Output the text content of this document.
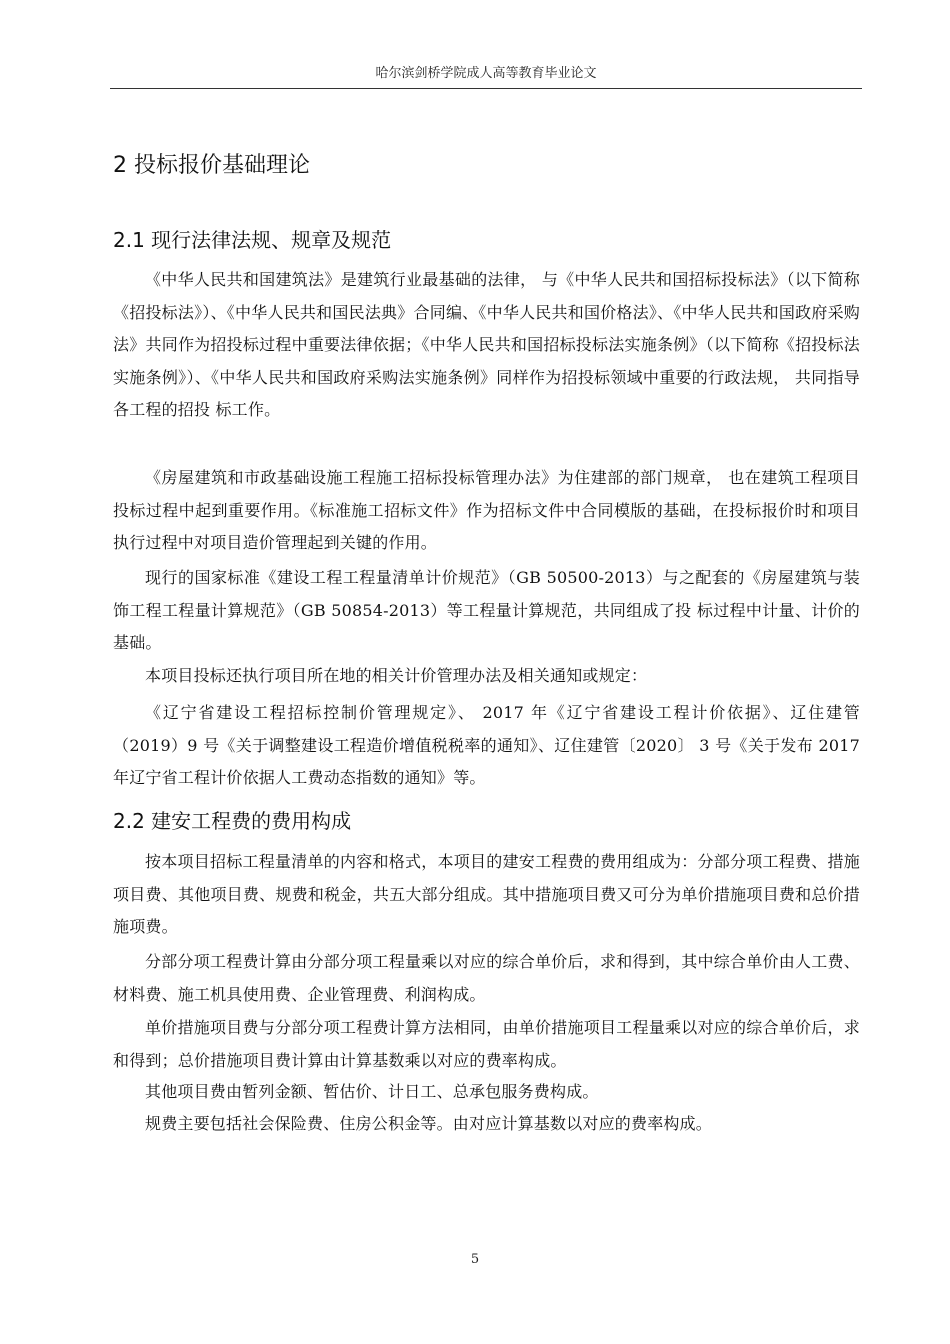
哈尔滨剑桥学院成人高等教育毕业论文
2 投标报价基础理论
2.1 现行法律法规、规章及规范

《中华人民共和国建筑法》是建筑行业最基础的法律， 与《中华人民共和国招标投标法》（以下简称《招投标法》）、《中华人民共和国民法典》合同编、《中华人民共和国价格法》、《中华人民共和国政府采购法》共同作为招投标过程中重要法律依据；《中华人民共和国招标投标法实施条例》（以下简称《招投标法实施条例》）、《中华人民共和国政府采购法实施条例》同样作为招投标领域中重要的行政法规， 共同指导各工程的招投 标工作。

《房屋建筑和市政基础设施工程施工招标投标管理办法》为住建部的部门规章， 也在建筑工程项目投标过程中起到重要作用。《标准施工招标文件》作为招标文件中合同模版的基础，在投标报价时和项目执行过程中对项目造价管理起到关键的作用。

现行的国家标准《建设工程工程量清单计价规范》（GB 50500-2013）与之配套的《房屋建筑与装饰工程工程量计算规范》（GB 50854-2013）等工程量计算规范，共同组成了投 标过程中计量、计价的基础。

本项目投标还执行项目所在地的相关计价管理办法及相关通知或规定：

《辽宁省建设工程招标控制价管理规定》、 2017 年《辽宁省建设工程计价依据》、辽住建管（2019）9 号《关于调整建设工程造价增值税税率的通知》、辽住建管〔2020〕 3 号《关于发布 2017 年辽宁省工程计价依据人工费动态指数的通知》等。

2.2 建安工程费的费用构成

按本项目招标工程量清单的内容和格式，本项目的建安工程费的费用组成为：分部分项工程费、措施项目费、其他项目费、规费和税金，共五大部分组成。其中措施项目费又可分为单价措施项目费和总价措施项费。

分部分项工程费计算由分部分项工程量乘以对应的综合单价后，求和得到，其中综合单价由人工费、材料费、施工机具使用费、企业管理费、利润构成。

单价措施项目费与分部分项工程费计算方法相同，由单价措施项目工程量乘以对应的综合单价后，求和得到；总价措施项目费计算由计算基数乘以对应的费率构成。

其他项目费由暂列金额、暂估价、计日工、总承包服务费构成。

规费主要包括社会保险费、住房公积金等。由对应计算基数以对应的费率构成。

5
